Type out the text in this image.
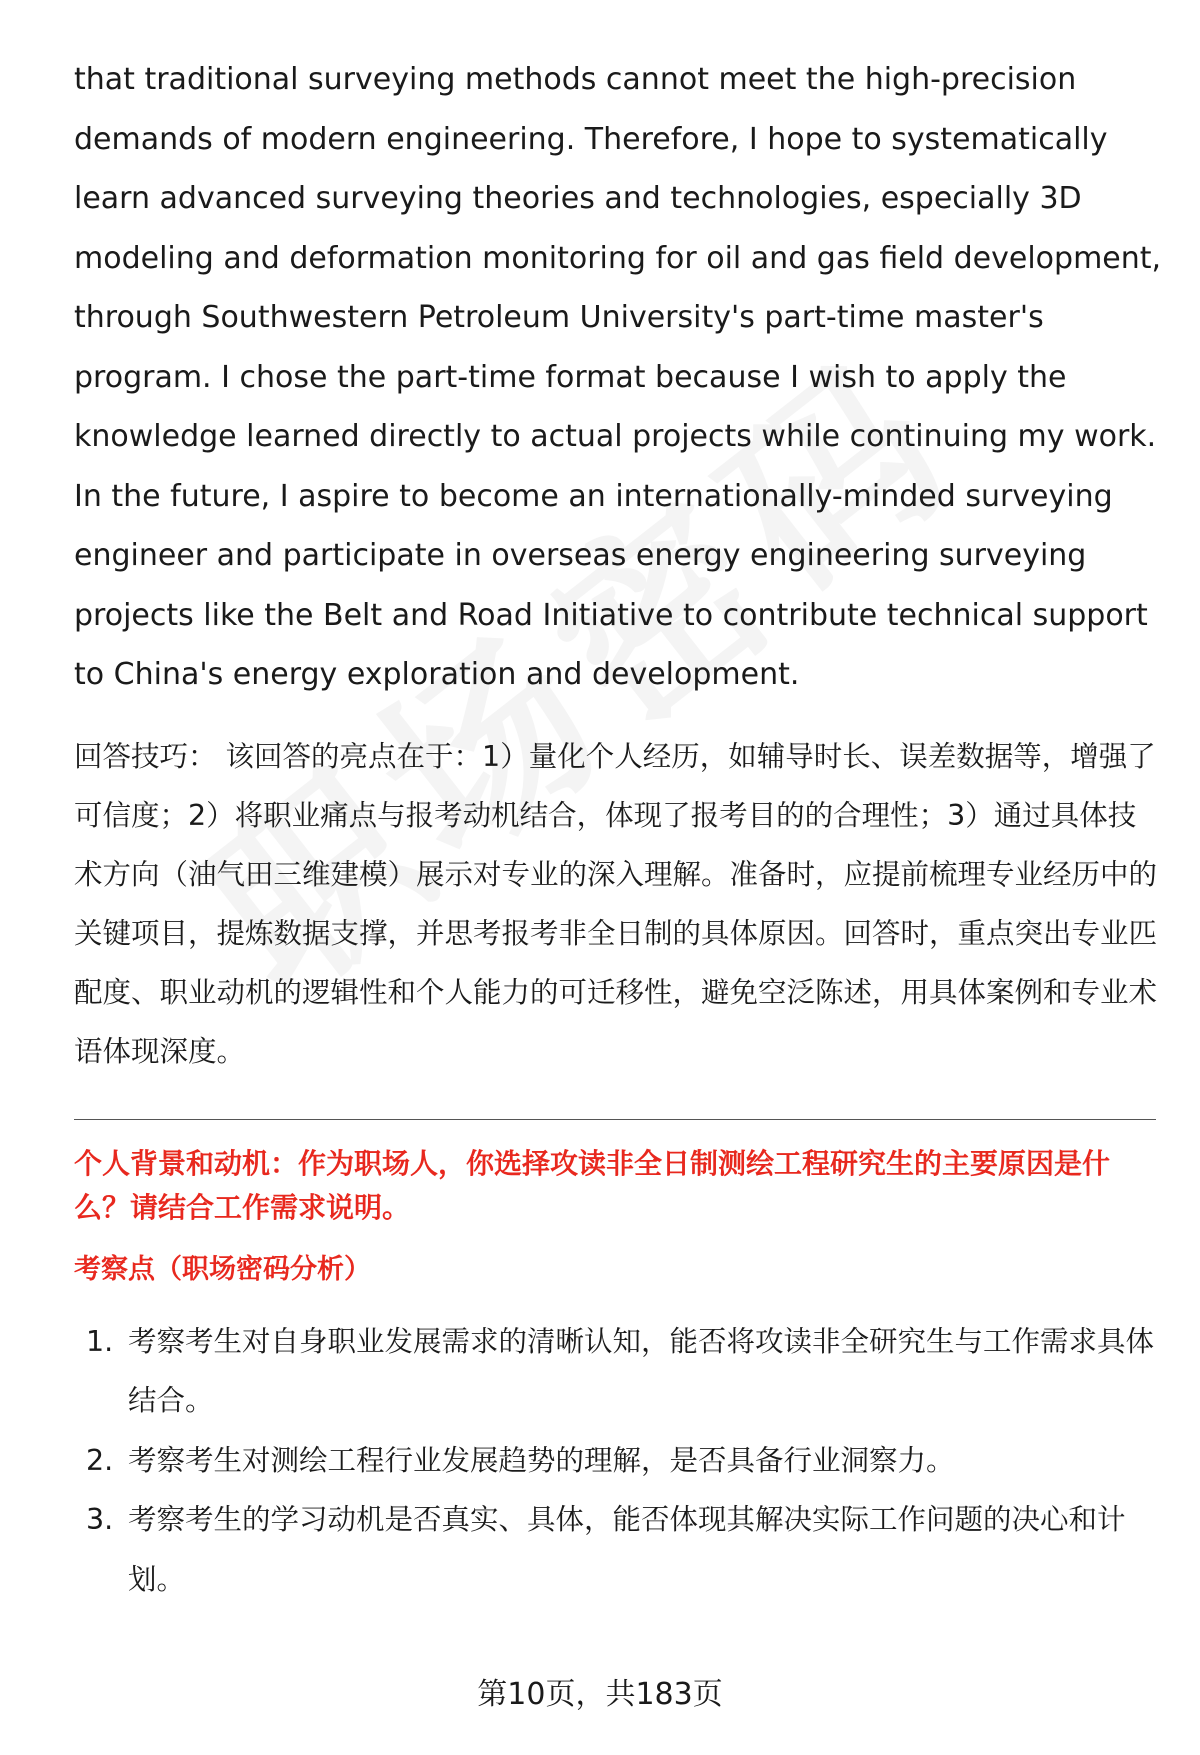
that traditional surveying methods cannot meet the high-precision demands of modern engineering. Therefore, I hope to systematically learn advanced surveying theories and technologies, especially 3D modeling and deformation monitoring for oil and gas field development, through Southwestern Petroleum University's part-time master's program. I chose the part-time format because I wish to apply the knowledge learned directly to actual projects while continuing my work. In the future, I aspire to become an internationally-minded surveying engineer and participate in overseas energy engineering surveying projects like the Belt and Road Initiative to contribute technical support to China's energy exploration and development.

回答技巧： 该回答的亮点在于：1）量化个人经历，如辅导时长、误差数据等，增强了可信度；2）将职业痛点与报考动机结合，体现了报考目的的合理性；3）通过具体技术方向（油气田三维建模）展示对专业的深入理解。准备时，应提前梳理专业经历中的关键项目，提炼数据支撑，并思考报考非全日制的具体原因。回答时，重点突出专业匹配度、职业动机的逻辑性和个人能力的可迁移性，避免空泛陈述，用具体案例和专业术语体现深度。

个人背景和动机：作为职场人，你选择攻读非全日制测绘工程研究生的主要原因是什么？请结合工作需求说明。

考察点（职场密码分析）

1. 考察考生对自身职业发展需求的清晰认知，能否将攻读非全研究生与工作需求具体结合。
2. 考察考生对测绘工程行业发展趋势的理解，是否具备行业洞察力。
3. 考察考生的学习动机是否真实、具体，能否体现其解决实际工作问题的决心和计划。
第10页，共183页
